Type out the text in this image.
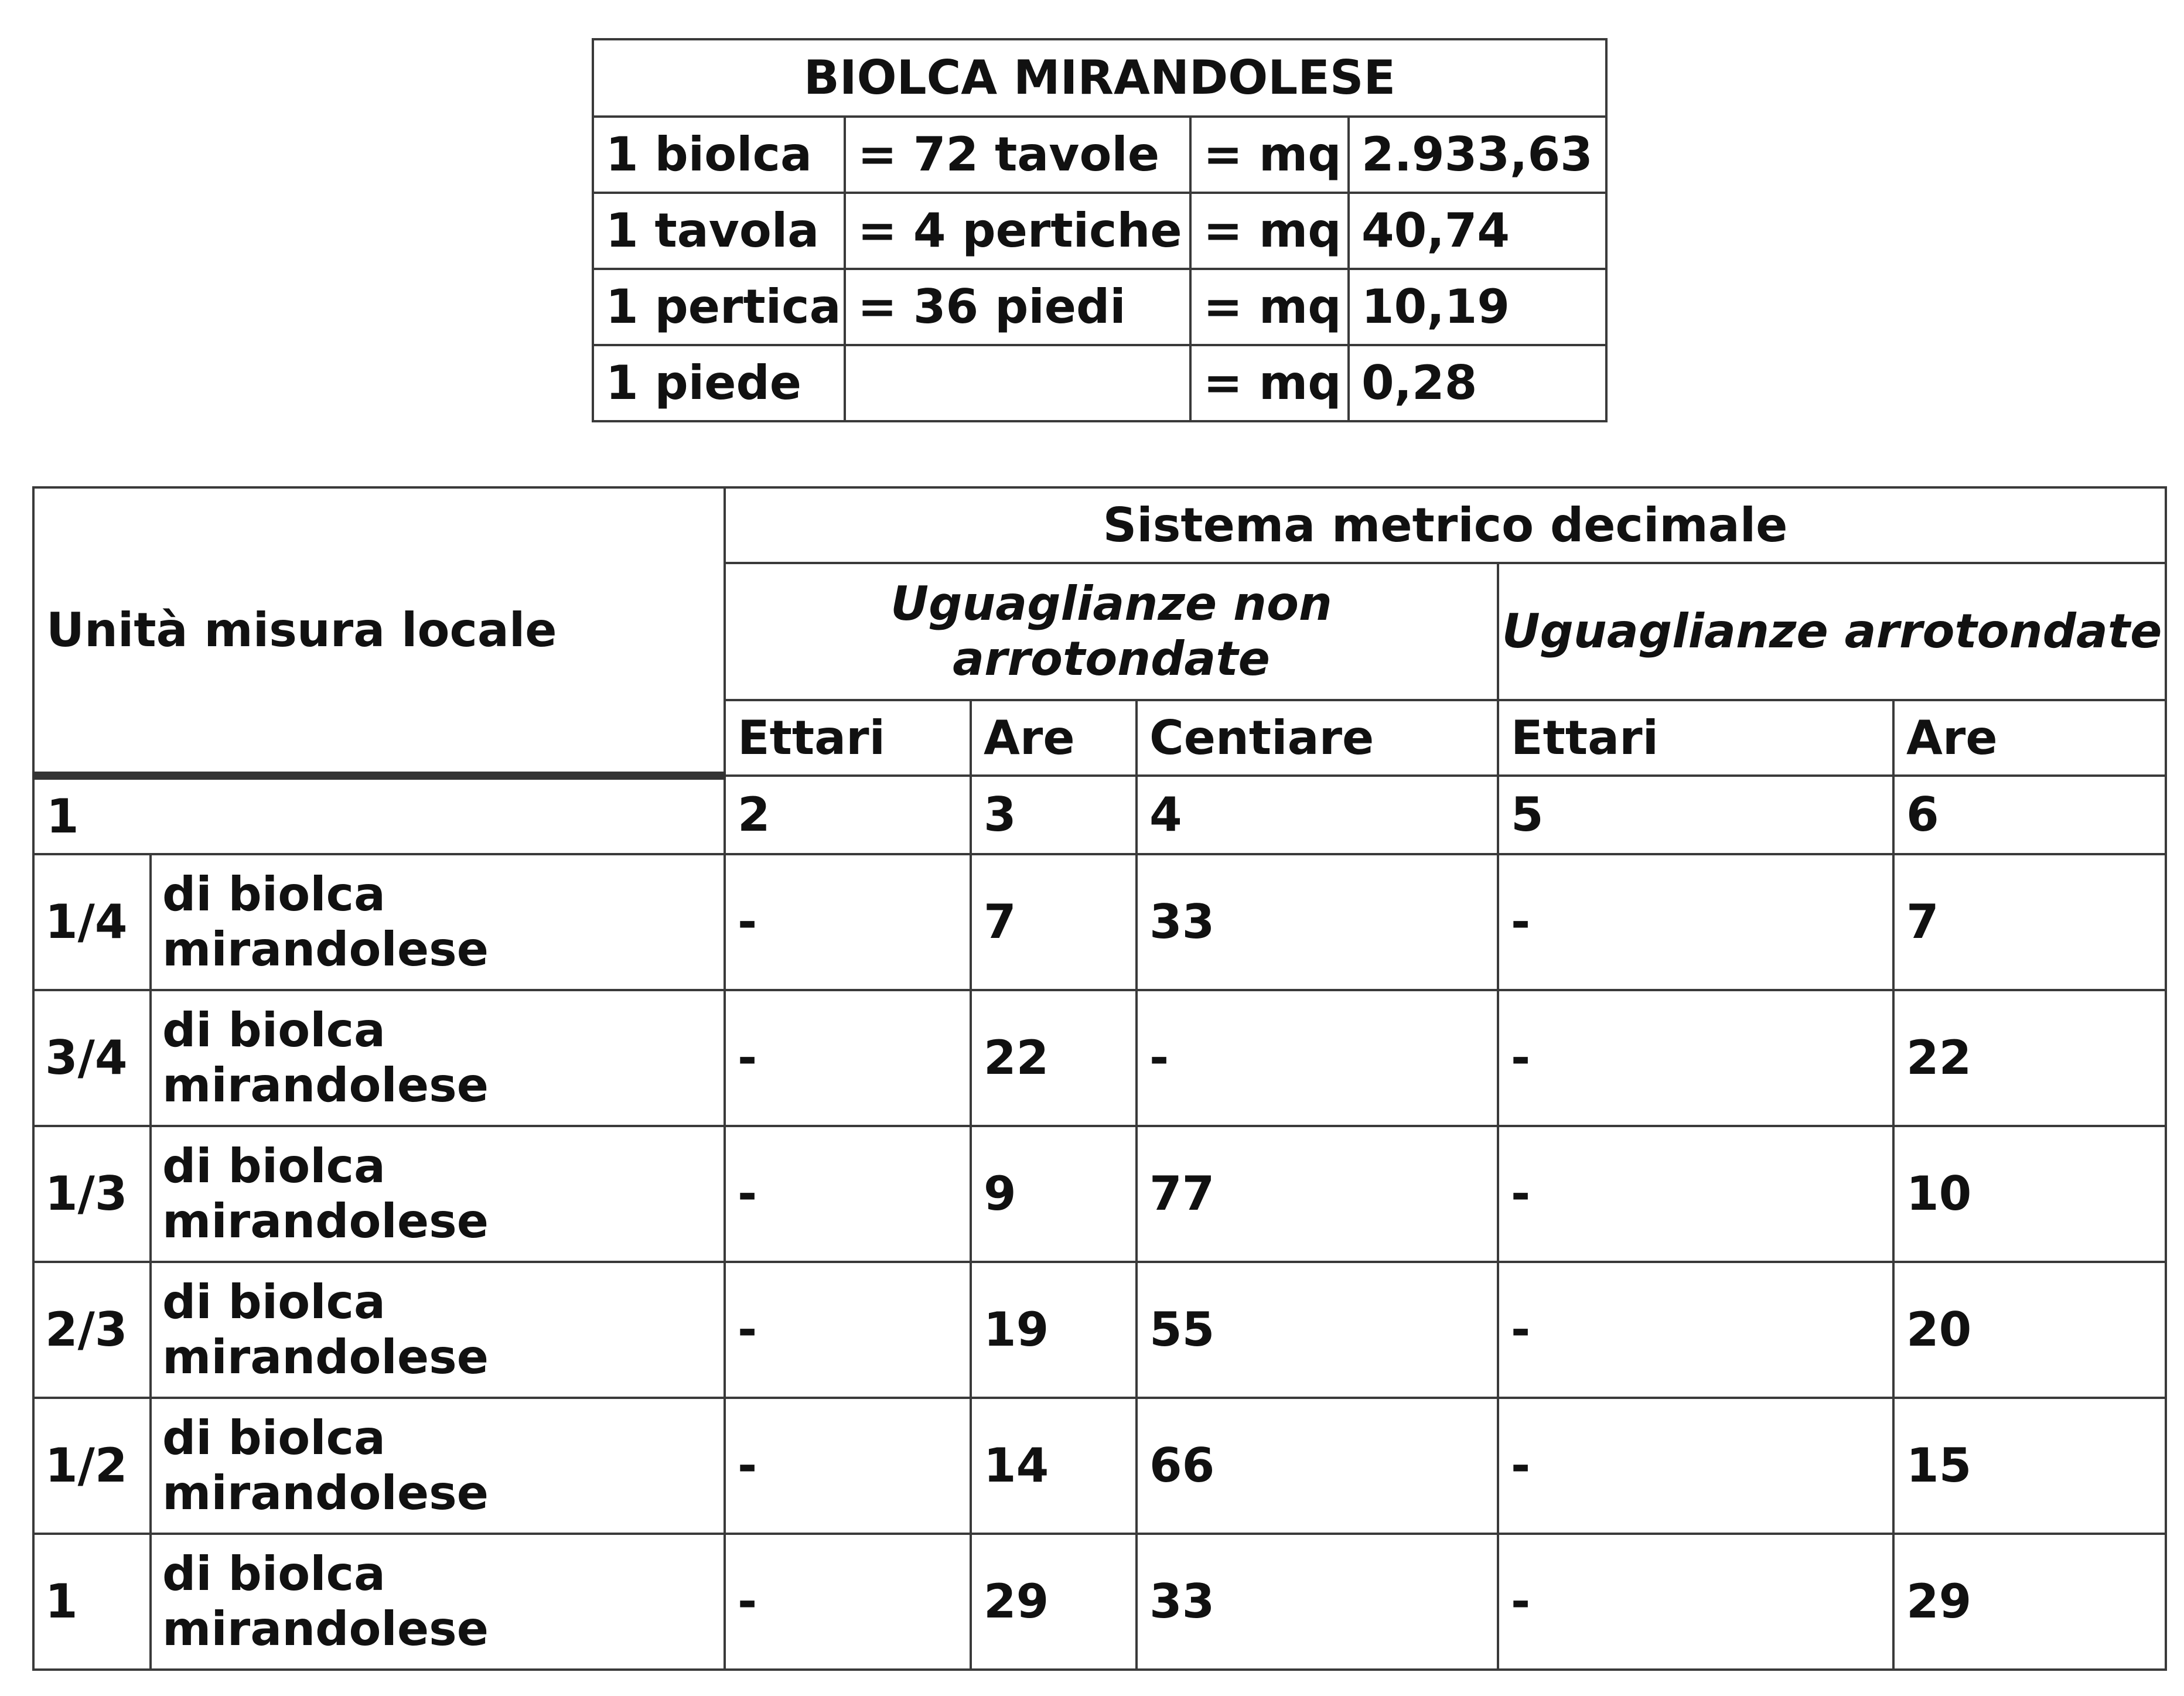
BIOLCA MIRANDOLESE			
1 biolca	= 72 tavole	= mq	2.933,63
1 tavola	= 4 pertiche	= mq	40,74
1 pertica	= 36 piedi	= mq	10,19
1 piede		= mq	0,28
Unità misura locale		Sistema metrico decimale				
		Uguaglianze non arrotondate			Uguaglianze arrotondate	
		Ettari	Are	Centiare	Ettari	Are
1		2	3	4	5	6
1/4	di biolca mirandolese	-	7	33	-	7
3/4	di biolca mirandolese	-	22	-	-	22
1/3	di biolca mirandolese	-	9	77	-	10
2/3	di biolca mirandolese	-	19	55	-	20
1/2	di biolca mirandolese	-	14	66	-	15
1	di biolca mirandolese	-	29	33	-	29
